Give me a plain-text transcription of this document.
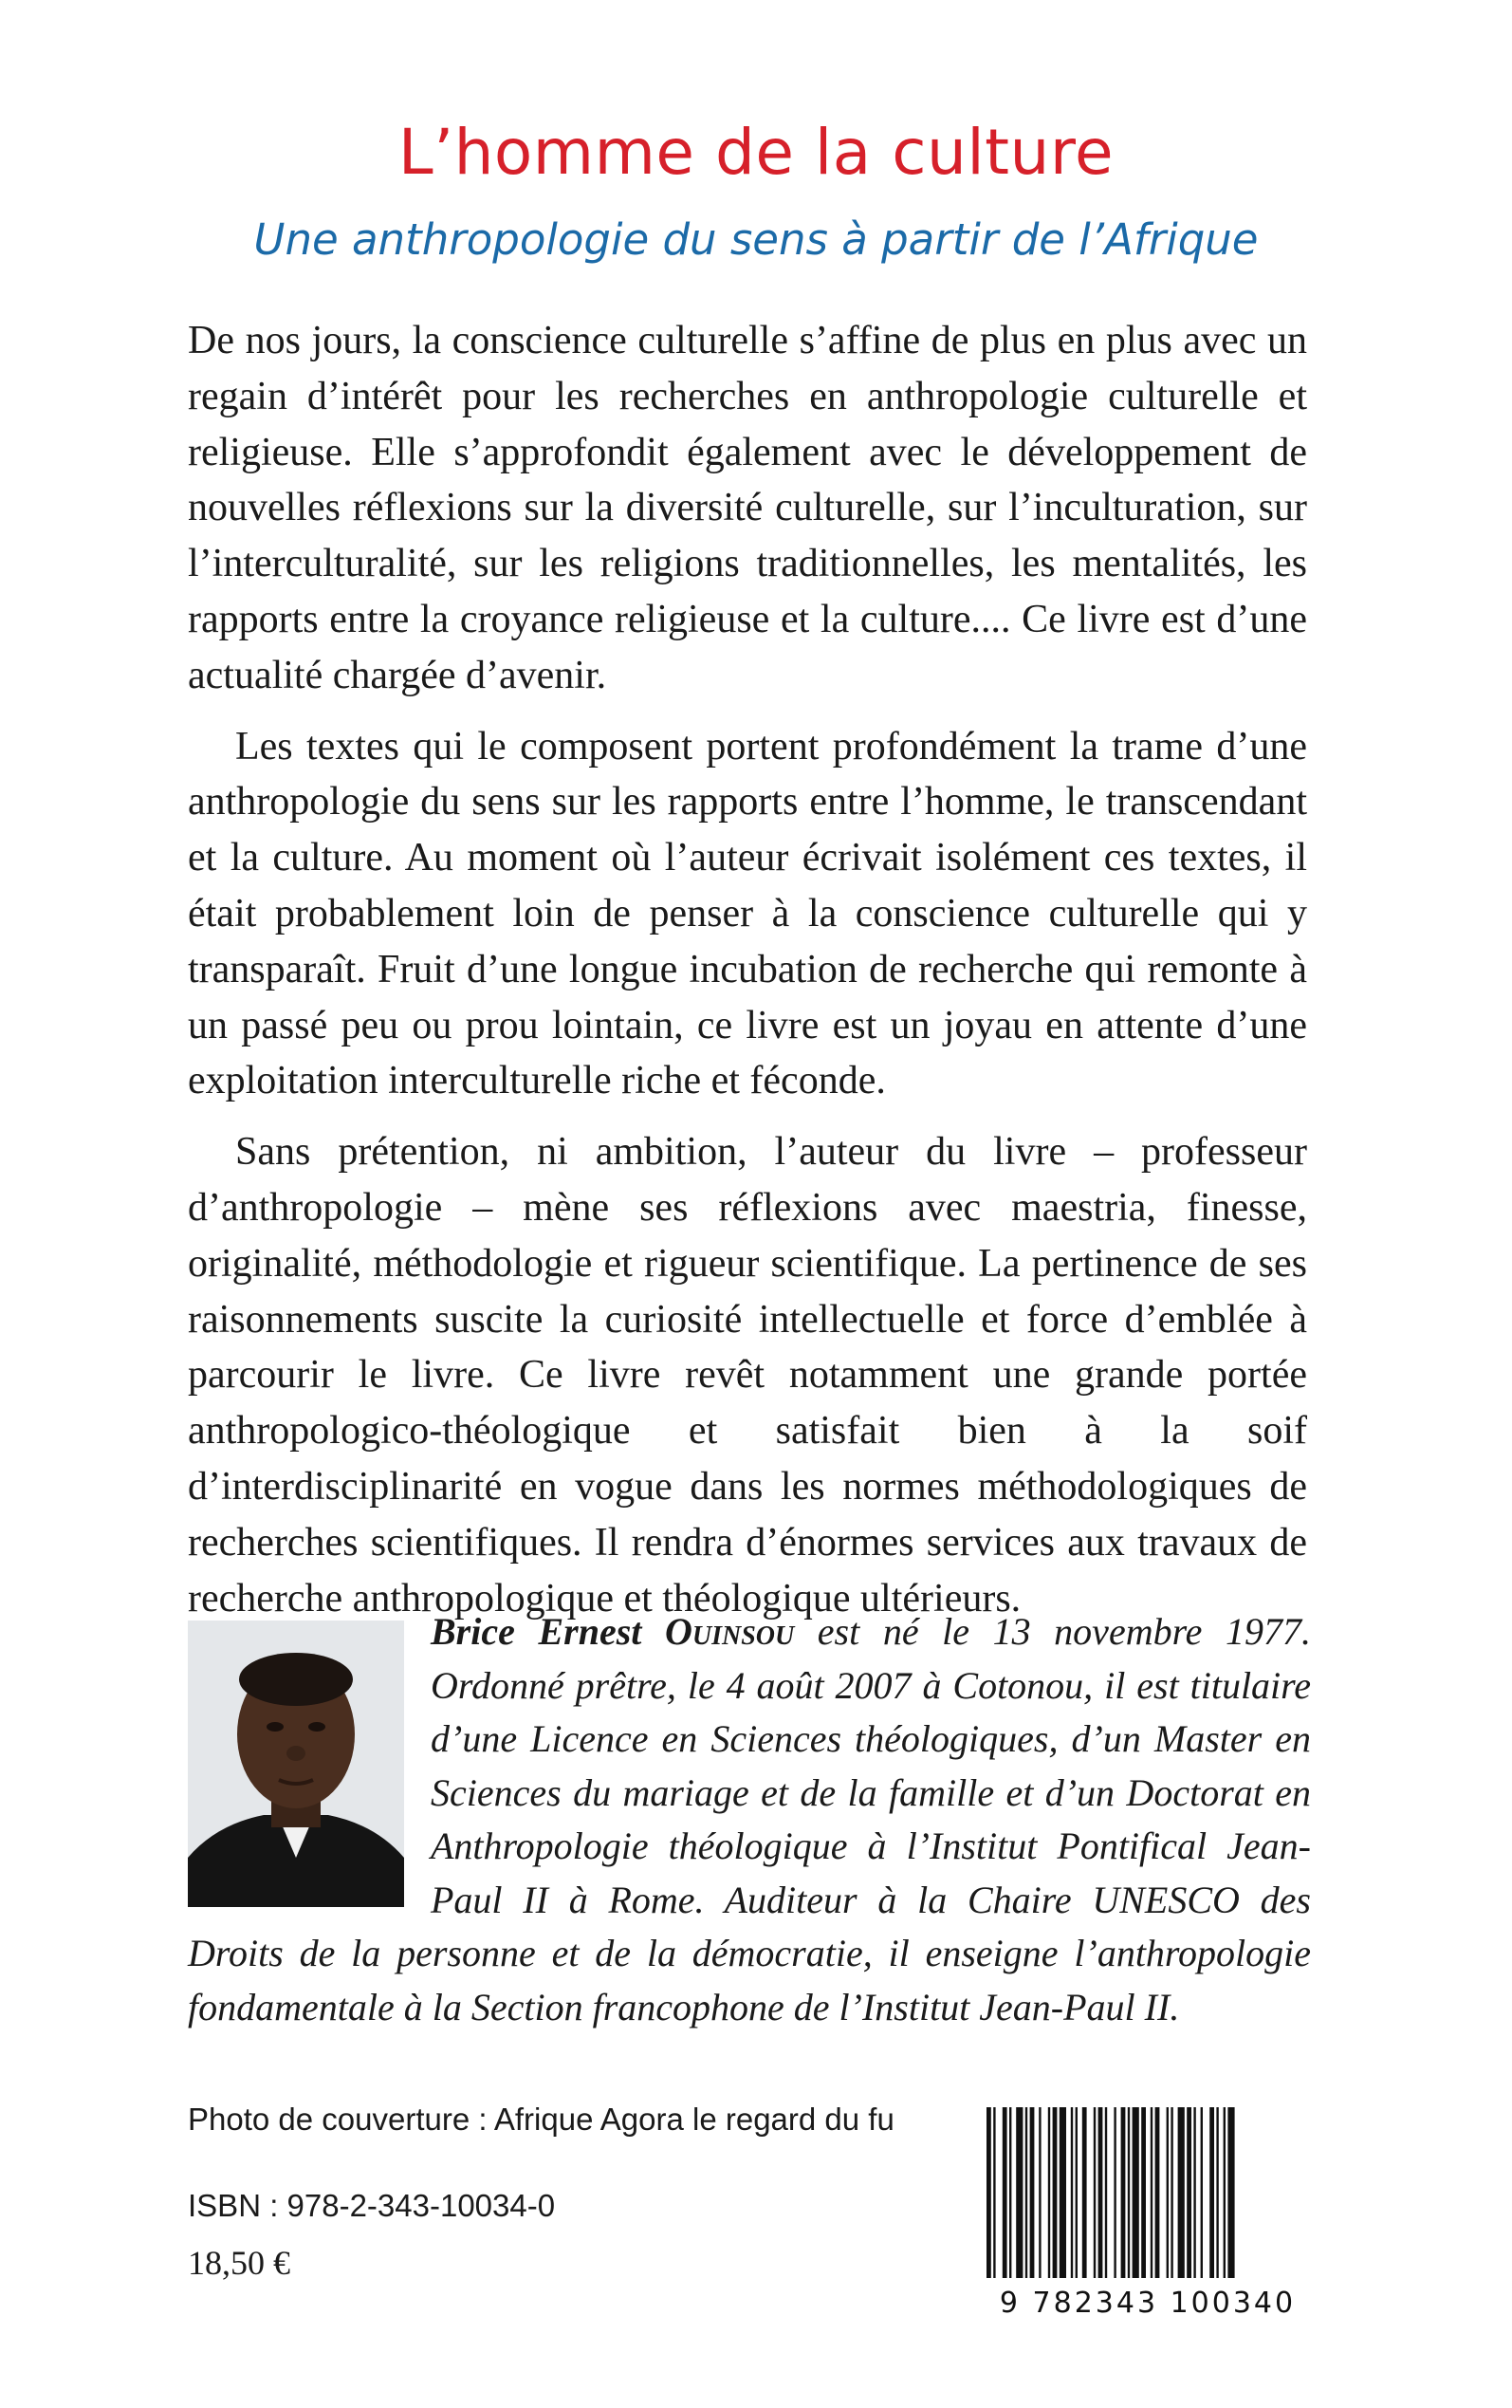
L’homme de la culture
Une anthropologie du sens à partir de l’Afrique

De nos jours, la conscience culturelle s’affine de plus en plus avec un regain d’intérêt pour les recherches en anthropologie culturelle et religieuse. Elle s’approfondit également avec le développement de nouvelles réflexions sur la diversité culturelle, sur l’inculturation, sur l’interculturalité, sur les religions traditionnelles, les mentalités, les rapports entre la croyance religieuse et la culture.... Ce livre est d’une actualité chargée d’avenir.

Les textes qui le composent portent profondément la trame d’une anthropologie du sens sur les rapports entre l’homme, le transcendant et la culture. Au moment où l’auteur écrivait isolément ces textes, il était probablement loin de penser à la conscience culturelle qui y transparaît. Fruit d’une longue incubation de recherche qui remonte à un passé peu ou prou lointain, ce livre est un joyau en attente d’une exploitation interculturelle riche et féconde.

Sans prétention, ni ambition, l’auteur du livre – professeur d’anthropologie – mène ses réflexions avec maestria, finesse, originalité, méthodologie et rigueur scientifique. La pertinence de ses raisonnements suscite la curiosité intellectuelle et force d’emblée à parcourir le livre. Ce livre revêt notamment une grande portée anthropologico-théologique et satisfait bien à la soif d’interdisciplinarité en vogue dans les normes méthodologiques de recherches scientifiques. Il rendra d’énormes services aux travaux de recherche anthropologique et théologique ultérieurs.

Brice Ernest Ouinsou est né le 13 novembre 1977. Ordonné prêtre, le 4 août 2007 à Cotonou, il est titulaire d’une Licence en Sciences théologiques, d’un Master en Sciences du mariage et de la famille et d’un Doctorat en Anthropologie théologique à l’Institut Pontifical Jean-Paul II à Rome. Auditeur à la Chaire UNESCO des Droits de la personne et de la démocratie, il enseigne l’anthropologie fondamentale à la Section francophone de l’Institut Jean-Paul II.
Photo de couverture : Afrique Agora le regard du fu
ISBN : 978-2-343-10034-0
18,50 €
9 782343 100340
